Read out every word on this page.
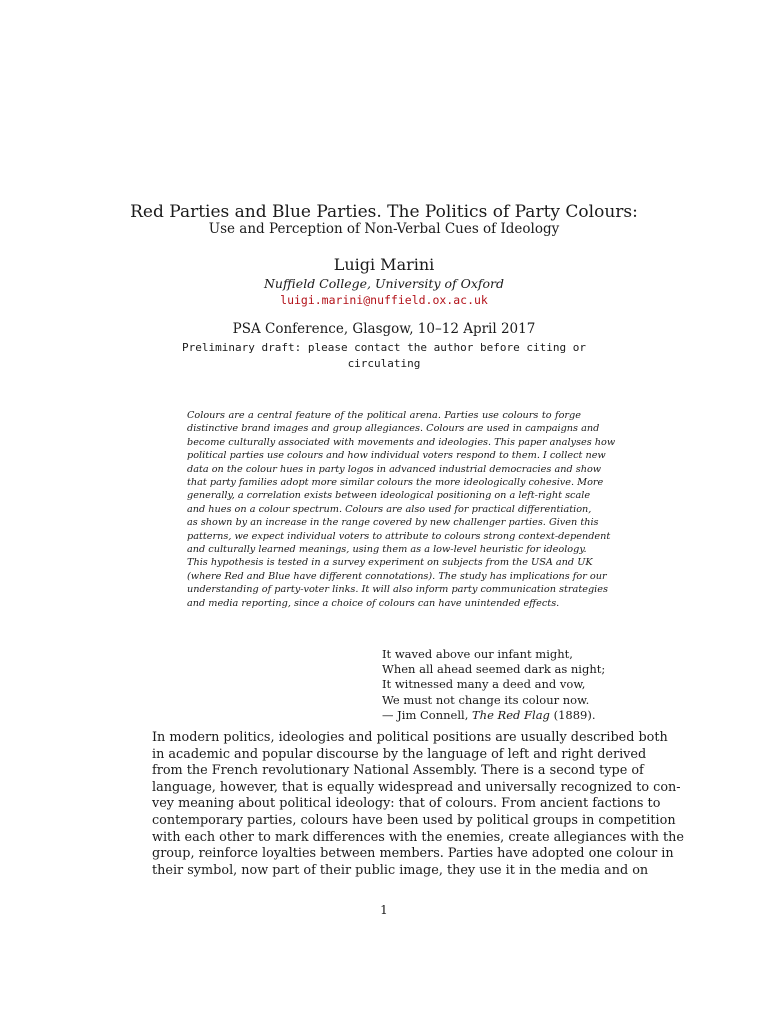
Red Parties and Blue Parties. The Politics of Party Colours:
Use and Perception of Non-Verbal Cues of Ideology
Luigi Marini
Nuffield College, University of Oxford
luigi.marini@nuffield.ox.ac.uk
PSA Conference, Glasgow, 10–12 April 2017
Preliminary draft: please contact the author before citing or
circulating
Colours are a central feature of the political arena. Parties use colours to forge
distinctive brand images and group allegiances. Colours are used in campaigns and
become culturally associated with movements and ideologies. This paper analyses how
political parties use colours and how individual voters respond to them. I collect new
data on the colour hues in party logos in advanced industrial democracies and show
that party families adopt more similar colours the more ideologically cohesive. More
generally, a correlation exists between ideological positioning on a left-right scale
and hues on a colour spectrum. Colours are also used for practical differentiation,
as shown by an increase in the range covered by new challenger parties. Given this
patterns, we expect individual voters to attribute to colours strong context-dependent
and culturally learned meanings, using them as a low-level heuristic for ideology.
This hypothesis is tested in a survey experiment on subjects from the USA and UK
(where Red and Blue have different connotations). The study has implications for our
understanding of party-voter links. It will also inform party communication strategies
and media reporting, since a choice of colours can have unintended effects.
It waved above our infant might,
When all ahead seemed dark as night;
It witnessed many a deed and vow,
We must not change its colour now.
— Jim Connell, The Red Flag (1889).
In modern politics, ideologies and political positions are usually described both
in academic and popular discourse by the language of left and right derived
from the French revolutionary National Assembly. There is a second type of
language, however, that is equally widespread and universally recognized to con-
vey meaning about political ideology: that of colours. From ancient factions to
contemporary parties, colours have been used by political groups in competition
with each other to mark differences with the enemies, create allegiances with the
group, reinforce loyalties between members. Parties have adopted one colour in
their symbol, now part of their public image, they use it in the media and on
1
